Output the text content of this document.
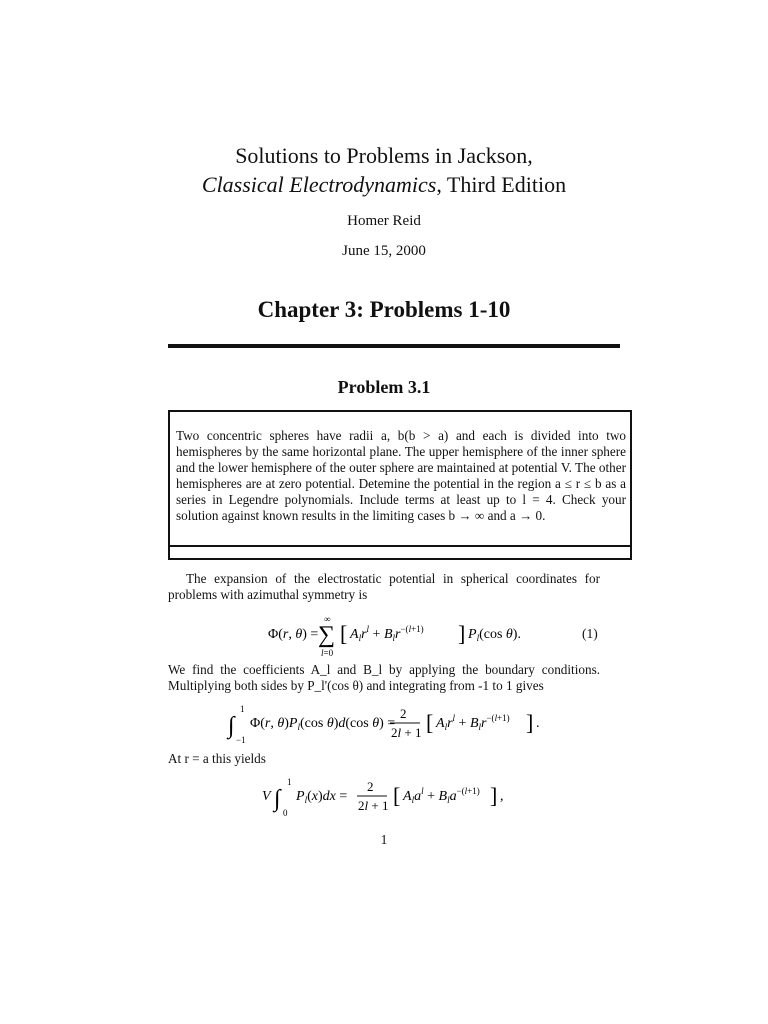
Solutions to Problems in Jackson,
Classical Electrodynamics, Third Edition
Homer Reid
June 15, 2000
Chapter 3: Problems 1-10
Problem 3.1
Two concentric spheres have radii a, b(b > a) and each is divided into two hemispheres by the same horizontal plane. The upper hemisphere of the inner sphere and the lower hemisphere of the outer sphere are maintained at potential V. The other hemispheres are at zero potential. Detemine the potential in the region a ≤ r ≤ b as a series in Legendre polynomials. Include terms at least up to l = 4. Check your solution against known results in the limiting cases b → ∞ and a → 0.
The expansion of the electrostatic potential in spherical coordinates for problems with azimuthal symmetry is
Φ(r, θ) =
∞
∑
l=0
[ $A_lr^l + B_lr^{-(l+1)}$ ] $P_l(\cos$ θ).	(1)
We find the coefficients A_l and B_l by applying the boundary conditions. Multiplying both sides by P_l'(cos θ) and integrating from -1 to 1 gives
∫
1
−1
Φ(r, $\theta)P_l(\cos$ θ)d(cos θ) =
2
2l + 1 [ $A_lr^l + B_lr^{-(l+1)}$ ] .
At r = a this yields
V ∫
1
0
$P_l(x)dx$ =
2
2l + 1 [ $A_la^l + B_la^{-(l+1)}$ ] ,
1
